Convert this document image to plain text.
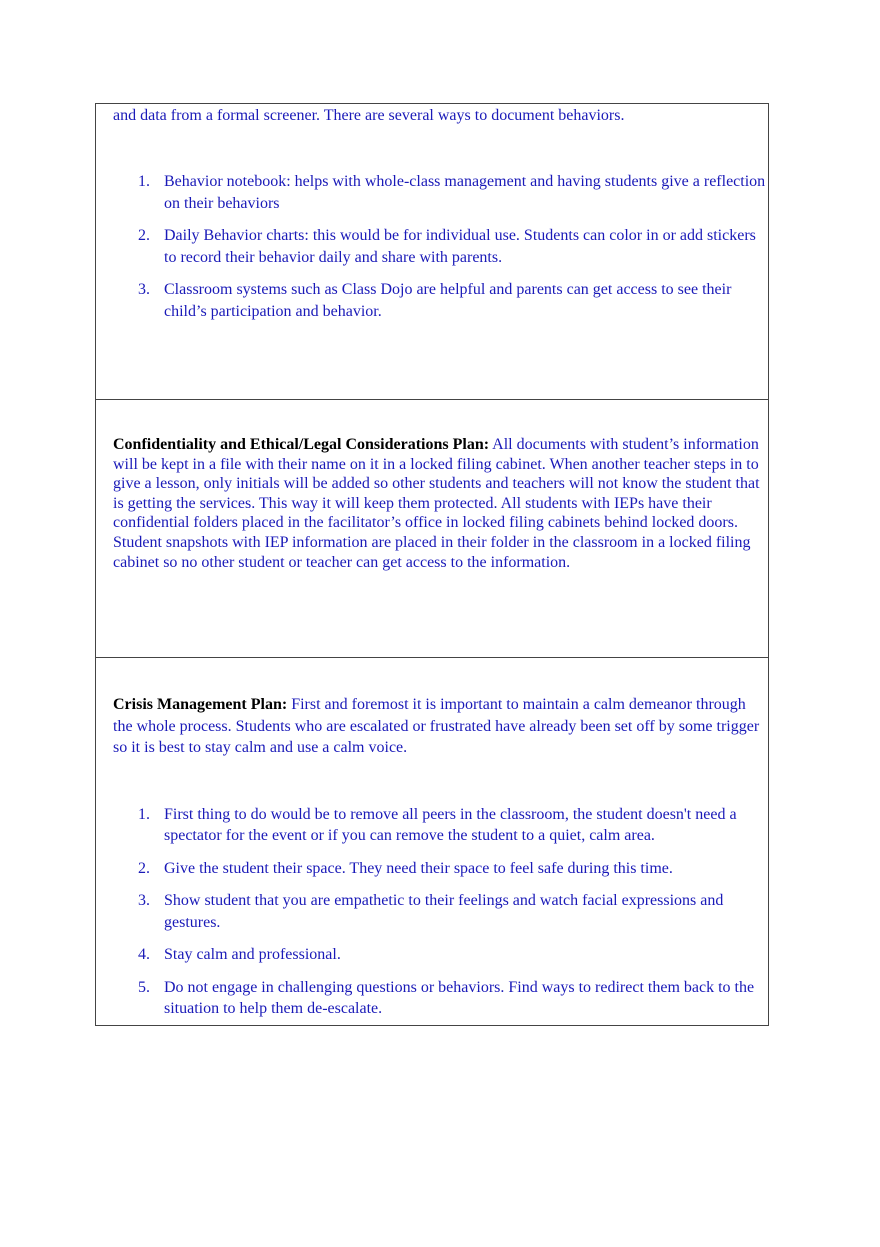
and data from a formal screener. There are several ways to document behaviors.

1. Behavior notebook: helps with whole-class management and having students give a reflection on their behaviors
2. Daily Behavior charts: this would be for individual use. Students can color in or add stickers to record their behavior daily and share with parents.
3. Classroom systems such as Class Dojo are helpful and parents can get access to see their child’s participation and behavior.

Confidentiality and Ethical/Legal Considerations Plan: All documents with student’s information will be kept in a file with their name on it in a locked filing cabinet. When another teacher steps in to give a lesson, only initials will be added so other students and teachers will not know the student that is getting the services. This way it will keep them protected. All students with IEPs have their confidential folders placed in the facilitator’s office in locked filing cabinets behind locked doors. Student snapshots with IEP information are placed in their folder in the classroom in a locked filing cabinet so no other student or teacher can get access to the information.

Crisis Management Plan: First and foremost it is important to maintain a calm demeanor through the whole process. Students who are escalated or frustrated have already been set off by some trigger so it is best to stay calm and use a calm voice.

1. First thing to do would be to remove all peers in the classroom, the student doesn't need a spectator for the event or if you can remove the student to a quiet, calm area.
2. Give the student their space. They need their space to feel safe during this time.
3. Show student that you are empathetic to their feelings and watch facial expressions and gestures.
4. Stay calm and professional.
5. Do not engage in challenging questions or behaviors. Find ways to redirect them back to the situation to help them de-escalate.
